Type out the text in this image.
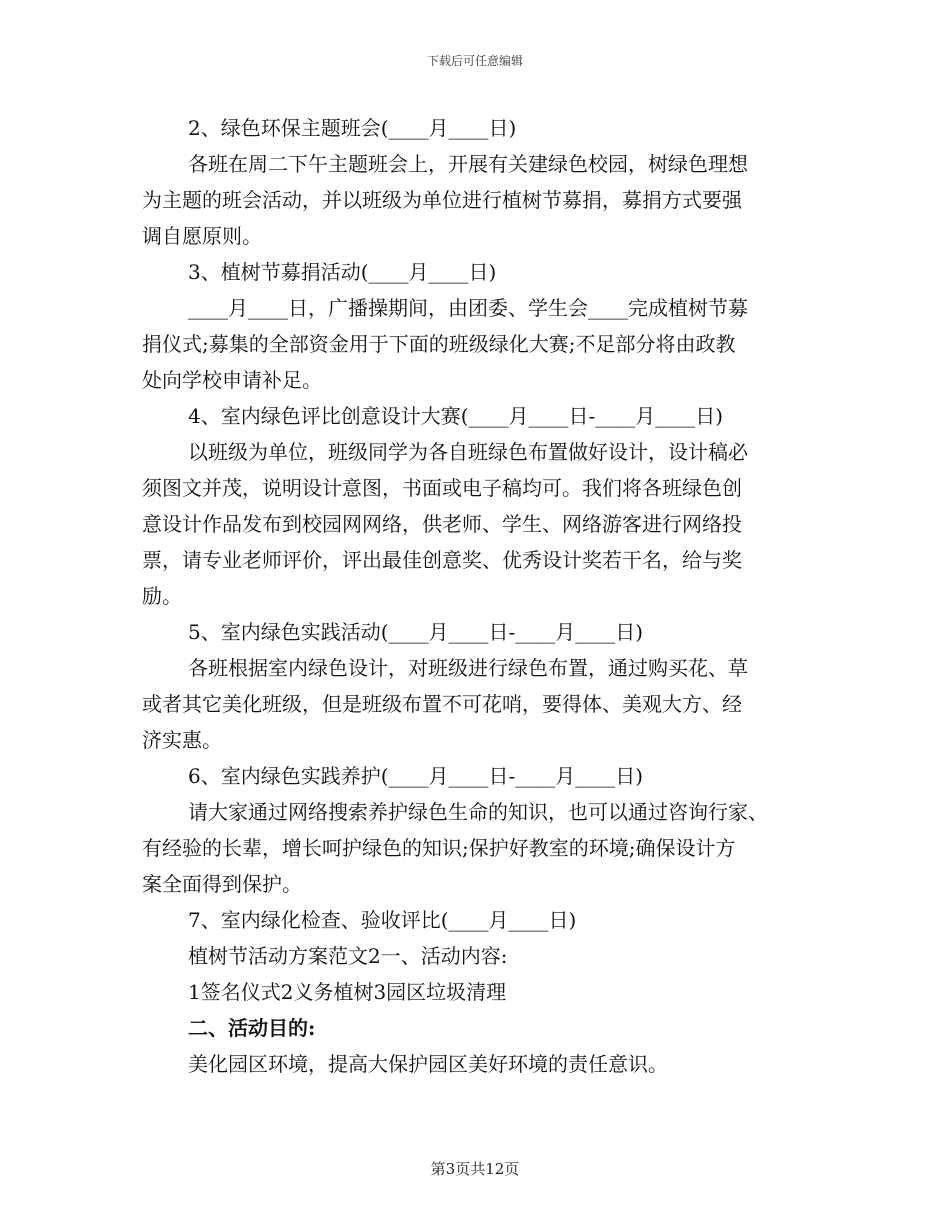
下载后可任意编辑
2、绿色环保主题班会(____月____日)
各班在周二下午主题班会上，开展有关建绿色校园，树绿色理想
为主题的班会活动，并以班级为单位进行植树节募捐，募捐方式要强
调自愿原则。
3、植树节募捐活动(____月____日)
____月____日，广播操期间，由团委、学生会____完成植树节募
捐仪式;募集的全部资金用于下面的班级绿化大赛;不足部分将由政教
处向学校申请补足。
4、室内绿色评比创意设计大赛(____月____日-____月____日)
以班级为单位，班级同学为各自班绿色布置做好设计，设计稿必
须图文并茂，说明设计意图，书面或电子稿均可。我们将各班绿色创
意设计作品发布到校园网网络，供老师、学生、网络游客进行网络投
票，请专业老师评价，评出最佳创意奖、优秀设计奖若干名，给与奖
励。
5、室内绿色实践活动(____月____日-____月____日)
各班根据室内绿色设计，对班级进行绿色布置，通过购买花、草
或者其它美化班级，但是班级布置不可花哨，要得体、美观大方、经
济实惠。
6、室内绿色实践养护(____月____日-____月____日)
请大家通过网络搜索养护绿色生命的知识，也可以通过咨询行家、
有经验的长辈，增长呵护绿色的知识;保护好教室的环境;确保设计方
案全面得到保护。
7、室内绿化检查、验收评比(____月____日)
植树节活动方案范文2一、活动内容:
1签名仪式2义务植树3园区垃圾清理
二、活动目的:
美化园区环境，提高大保护园区美好环境的责任意识。
第3页共12页
